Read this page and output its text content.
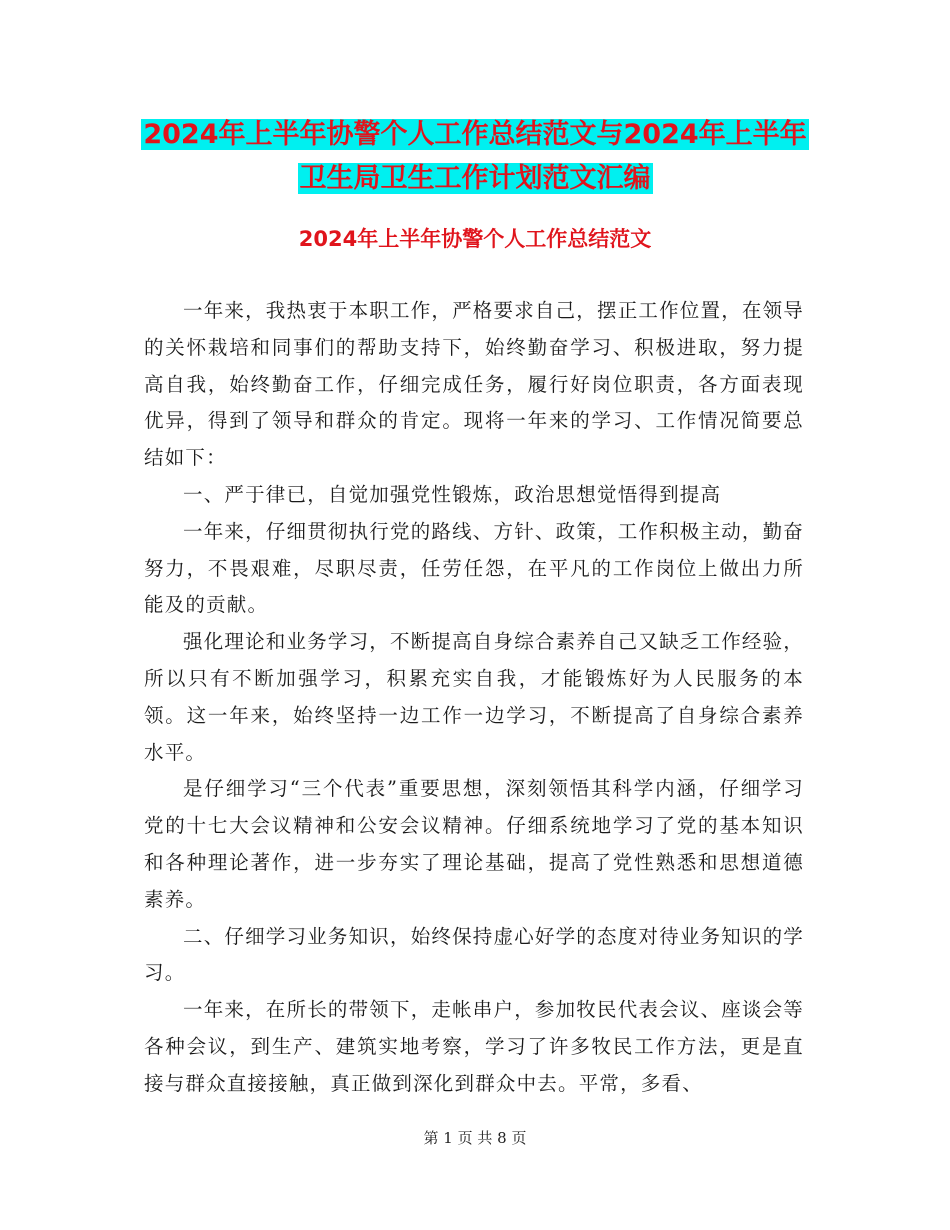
2024年上半年协警个人工作总结范文与2024年上半年
卫生局卫生工作计划范文汇编
2024年上半年协警个人工作总结范文

一年来，我热衷于本职工作，严格要求自己，摆正工作位置，在领导的关怀栽培和同事们的帮助支持下，始终勤奋学习、积极进取，努力提高自我，始终勤奋工作，仔细完成任务，履行好岗位职责，各方面表现优异，得到了领导和群众的肯定。现将一年来的学习、工作情况简要总结如下：

一、严于律已，自觉加强党性锻炼，政治思想觉悟得到提高

一年来，仔细贯彻执行党的路线、方针、政策，工作积极主动，勤奋努力，不畏艰难，尽职尽责，任劳任怨，在平凡的工作岗位上做出力所能及的贡献。

强化理论和业务学习，不断提高自身综合素养自己又缺乏工作经验，所以只有不断加强学习，积累充实自我，才能锻炼好为人民服务的本领。这一年来，始终坚持一边工作一边学习，不断提高了自身综合素养水平。

是仔细学习“三个代表”重要思想，深刻领悟其科学内涵，仔细学习党的十七大会议精神和公安会议精神。仔细系统地学习了党的基本知识和各种理论著作，进一步夯实了理论基础，提高了党性熟悉和思想道德素养。

二、仔细学习业务知识，始终保持虚心好学的态度对待业务知识的学习。

一年来，在所长的带领下，走帐串户，参加牧民代表会议、座谈会等各种会议，到生产、建筑实地考察，学习了许多牧民工作方法，更是直接与群众直接接触，真正做到深化到群众中去。平常，多看、

第 1 页 共 8 页
